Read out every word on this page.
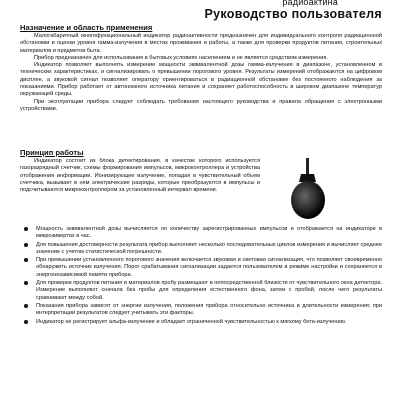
радиоактина
Руководство пользователя
Назначение и область применения

Малогабаритный многофункциональный индикатор радиоактивности предназначен для индивидуального контроля радиационной обстановки и оценки уровня гамма-излучения в местах проживания и работы, а также для проверки продуктов питания, строительных материалов и предметов быта.

Прибор предназначен для использования в бытовых условиях населением и не является средством измерения.

Индикатор позволяет выполнять измерение мощности эквивалентной дозы гамма-излучения в диапазоне, установленном в технических характеристиках, и сигнализировать о превышении порогового уровня. Результаты измерений отображаются на цифровом дисплее, а звуковой сигнал позволяет оператору ориентироваться в радиационной обстановке без постоянного наблюдения за показаниями. Прибор работает от автономного источника питания и сохраняет работоспособность в широком диапазоне температур окружающей среды.

При эксплуатации прибора следует соблюдать требования настоящего руководства и правила обращения с электронными устройствами.

Принцип работы

Индикатор состоит из блока детектирования, в качестве которого используется газоразрядный счетчик, схемы формирования импульсов, микроконтроллера и устройства отображения информации. Ионизирующее излучение, попадая в чувствительный объем счетчика, вызывает в нем электрические разряды, которые преобразуются в импульсы и подсчитываются микроконтроллером за установленный интервал времени.

Мощность эквивалентной дозы вычисляется по количеству зарегистрированных импульсов и отображается на индикаторе в микрозивертах в час.
Для повышения достоверности результата прибор выполняет несколько последовательных циклов измерения и вычисляет среднее значение с учетом статистической погрешности.
При превышении установленного порогового значения включается звуковая и световая сигнализация, что позволяет своевременно обнаружить источник излучения. Порог срабатывания сигнализации задается пользователем в режиме настройки и сохраняется в энергонезависимой памяти прибора.
Для проверки продуктов питания и материалов пробу размещают в непосредственной близости от чувствительного окна детектора. Измерение выполняют сначала без пробы для определения естественного фона, затем с пробой, после чего результаты сравнивают между собой.
Показания прибора зависят от энергии излучения, положения прибора относительно источника и длительности измерения; при интерпретации результатов следует учитывать эти факторы.
Индикатор не регистрирует альфа-излучение и обладает ограниченной чувствительностью к мягкому бета-излучению.
